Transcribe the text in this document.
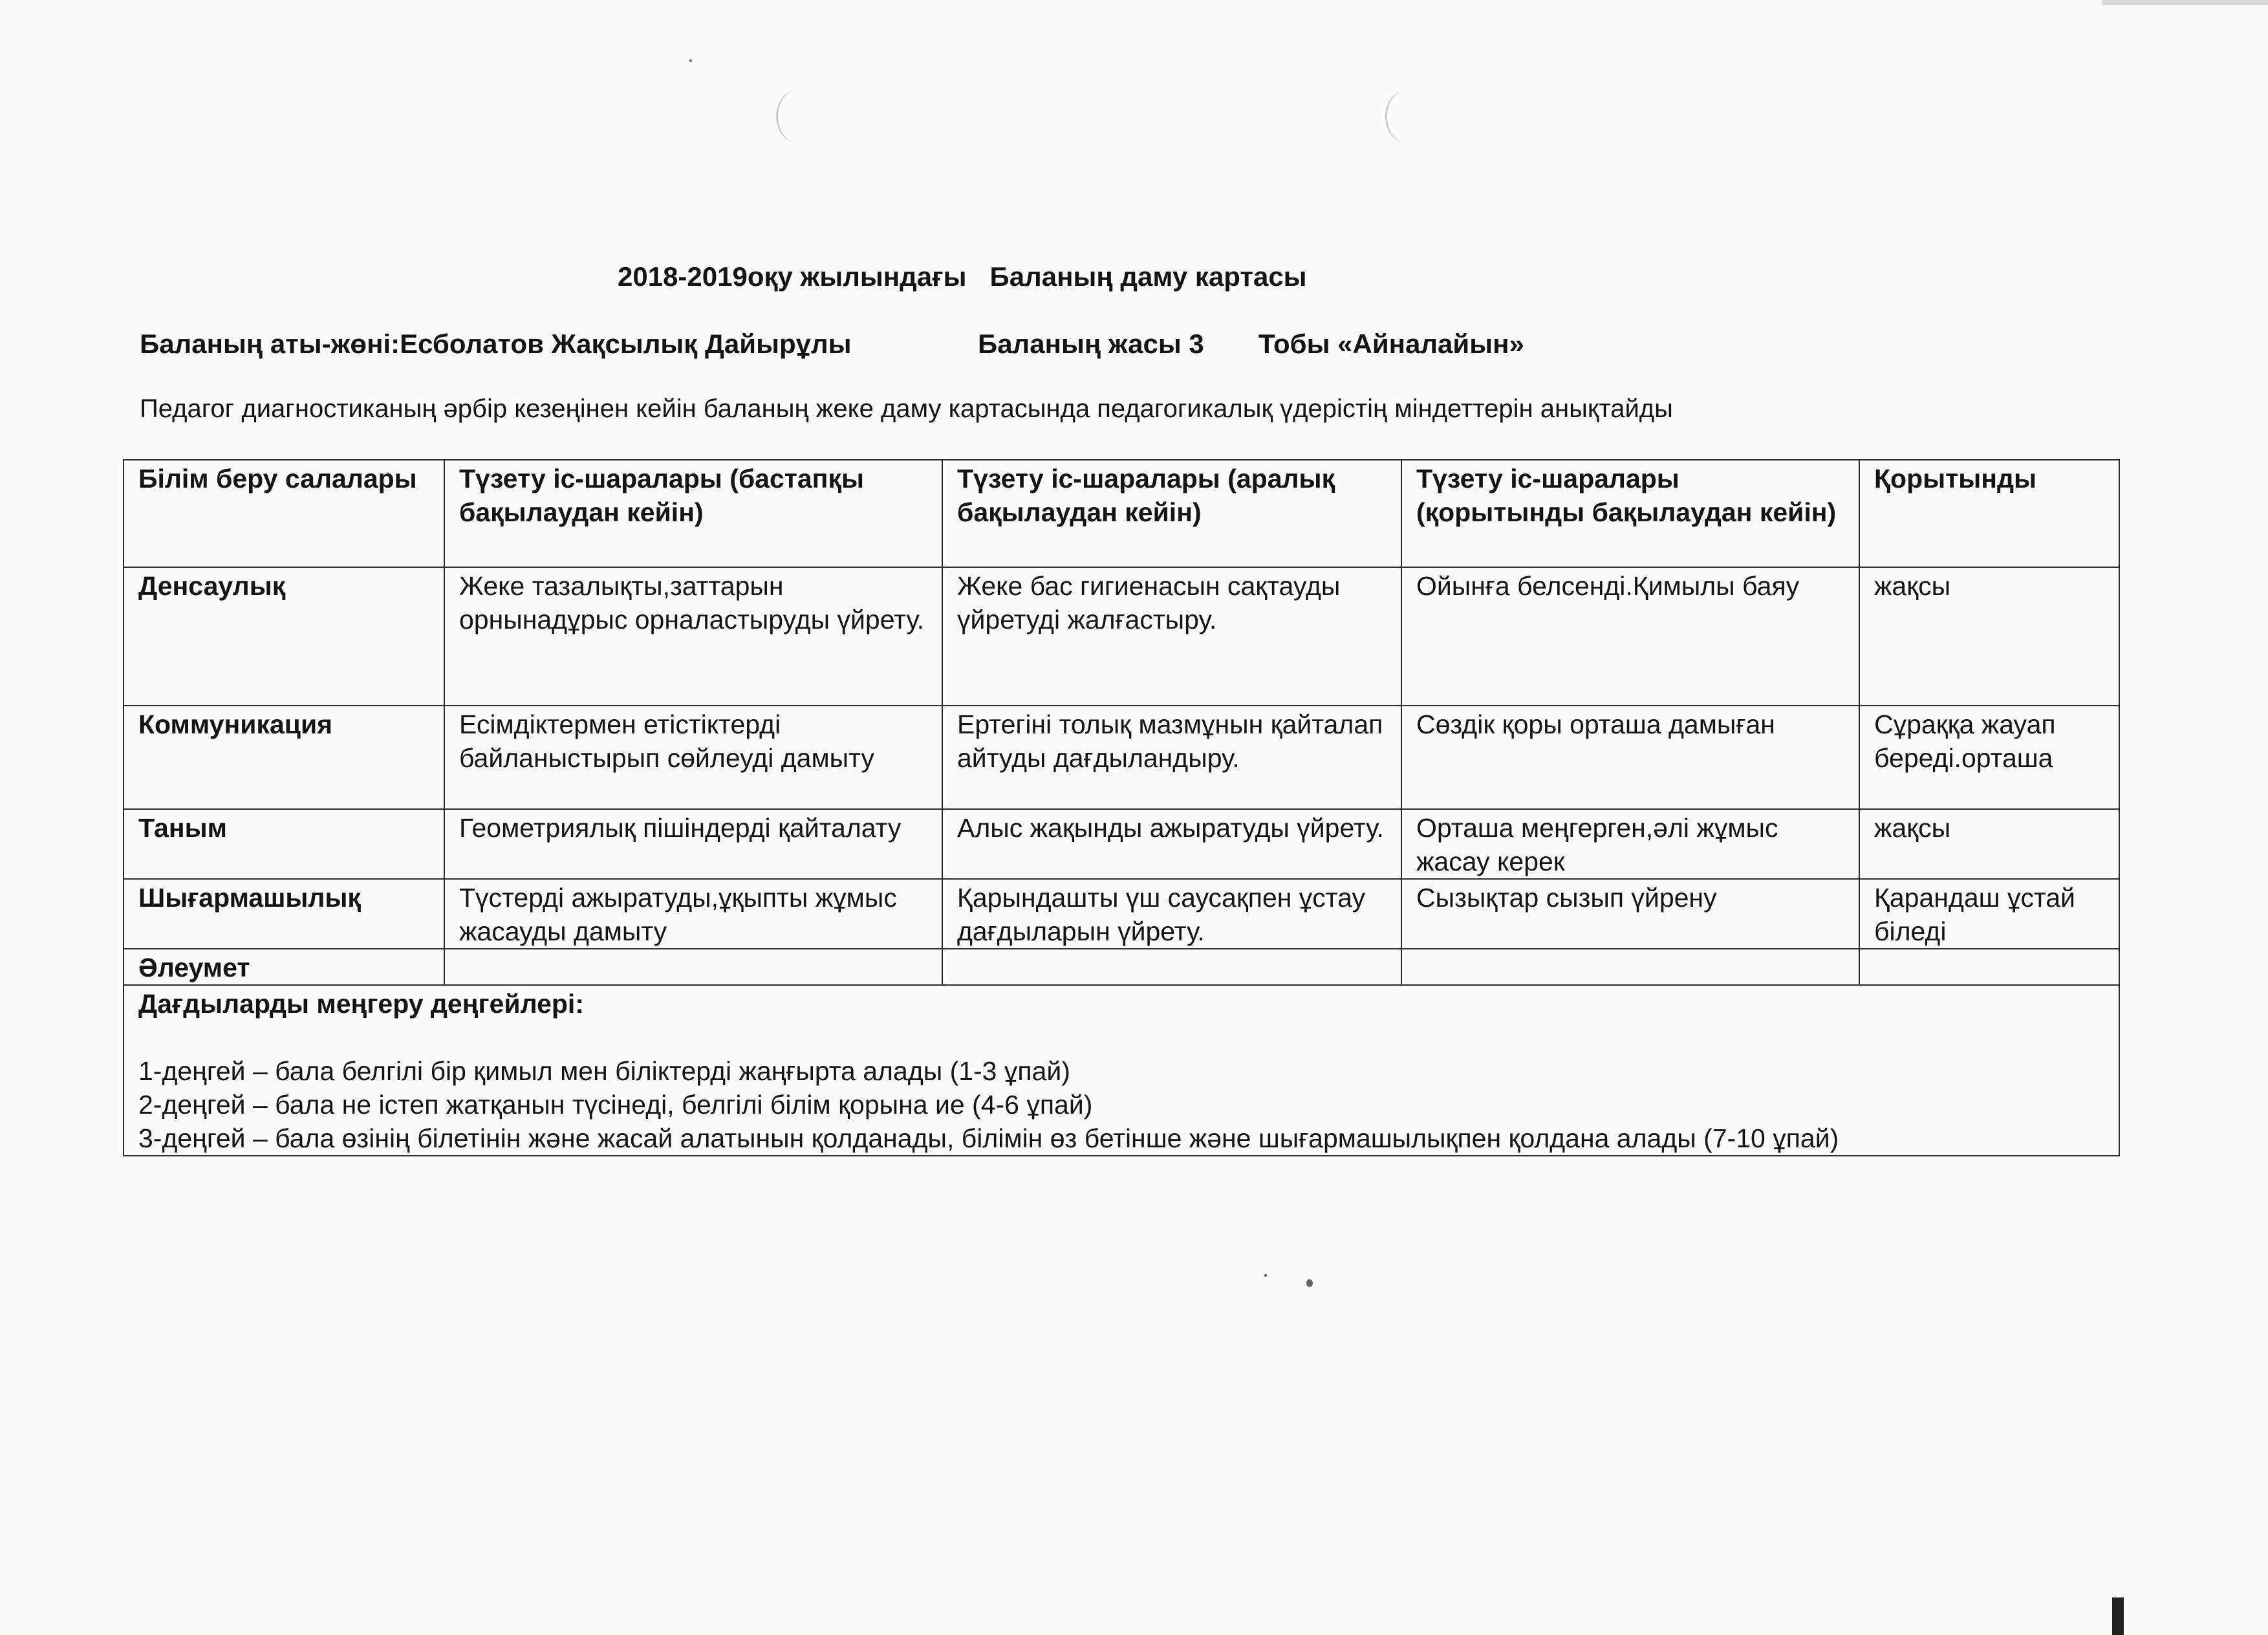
2018-2019оқу жылындағы Баланың даму картасы
Баланың аты-жөні:Есболатов Жақсылық Дайырұлы	Баланың жасы 3 Тобы «Айналайын»
Педагог диагностиканың әрбір кезеңінен кейін баланың жеке даму картасында педагогикалық үдерістің міндеттерін анықтайды
Білім беру салалары	Түзету іс-шаралары (бастапқы бақылаудан кейін)	Түзету іс-шаралары (аралық бақылаудан кейін)	Түзету іс-шаралары (қорытынды бақылаудан кейін)	Қорытынды
Денсаулық	Жеке тазалықты,заттарын орнынадұрыс орналастыруды үйрету.	Жеке бас гигиенасын сақтауды үйретуді жалғастыру.	Ойынға белсенді.Қимылы баяу	жақсы
Коммуникация	Есімдіктермен етістіктерді байланыстырып сөйлеуді дамыту	Ертегіні толық мазмұнын қайталап айтуды дағдыландыру.	Сөздік қоры орташа дамыған	Сұраққа жауап береді.орташа
Таным	Геометриялық пішіндерді қайталату	Алыс жақынды ажыратуды үйрету.	Орташа меңгерген,әлі жұмыс жасау керек	жақсы
Шығармашылық	Түстерді ажыратуды,ұқыпты жұмыс жасауды дамыту	Қарындашты үш саусақпен ұстау дағдыларын үйрету.	Сызықтар сызып үйрену	Қарандаш ұстай біледі
Әлеумет				

Дағдыларды меңгеру деңгейлері:
1-деңгей – бала белгілі бір қимыл мен біліктерді жаңғырта алады (1-3 ұпай)
2-деңгей – бала не істеп жатқанын түсінеді, белгілі білім қорына ие (4-6 ұпай)
3-деңгей – бала өзінің білетінін және жасай алатынын қолданады, білімін өз бетінше және шығармашылықпен қолдана алады (7-10 ұпай)				
